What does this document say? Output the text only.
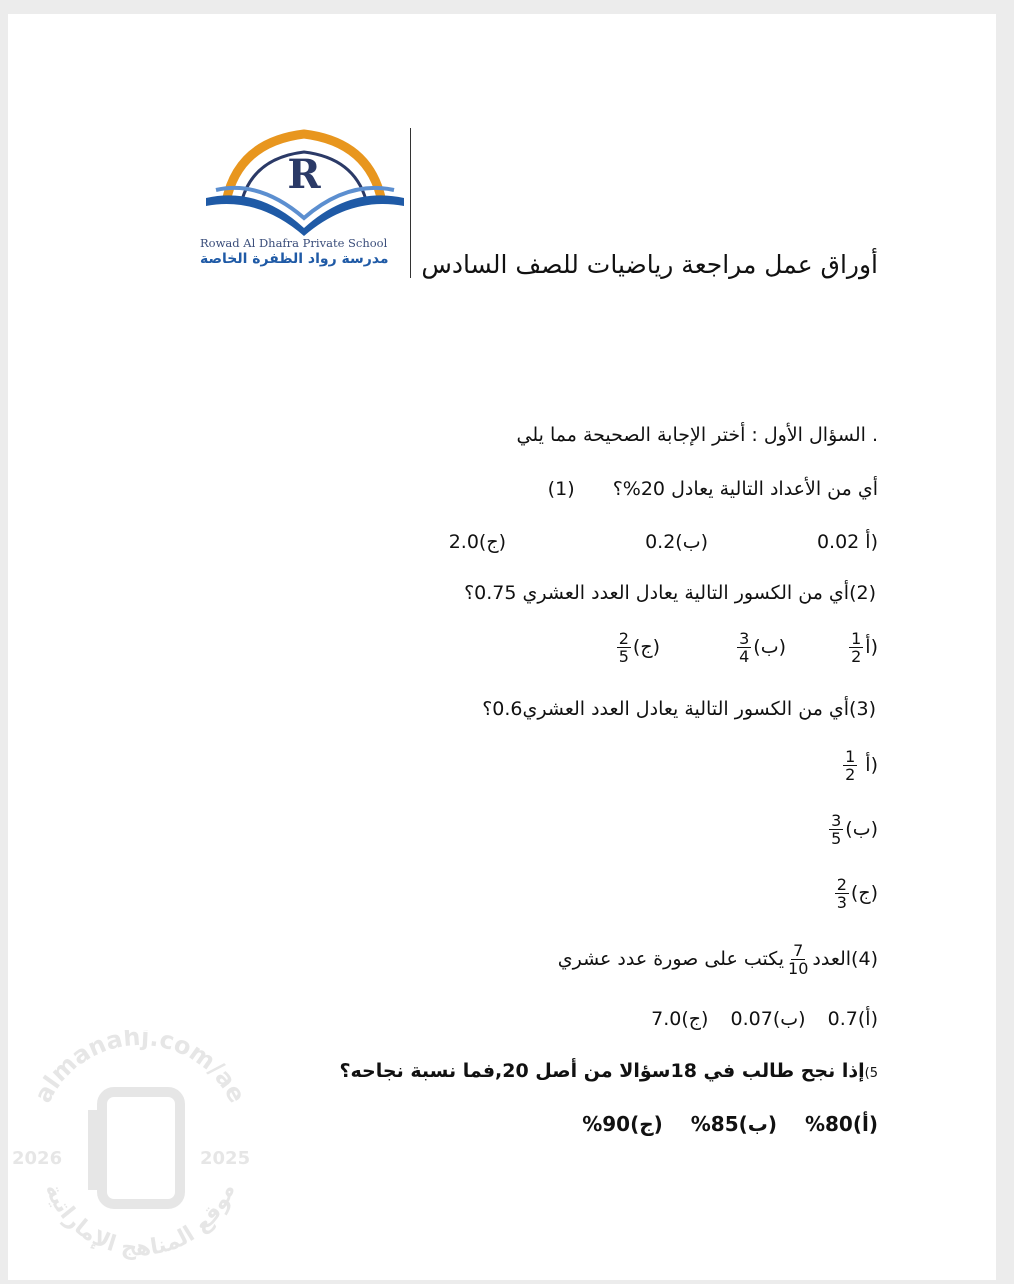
R
Rowad Al Dhafra Private School
مدرسة رواد الظفرة الخاصة أوراق عمل مراجعة رياضيات للصف السادس
. السؤال الأول : أختر الإجابة الصحيحة مما يلي
أي من الأعداد التالية يعادل 20%؟  (1)
(أ 0.02
(ب)0.2
(ج)2.0
(2)أي من الكسور التالية يعادل العدد العشري 0.75؟
(أ
$\frac{1}{2}$
(ب)
$\frac{3}{4}$
(ج)
$\frac{2}{5}$
(3)أي من الكسور التالية يعادل العدد العشري0.6؟
(أ
$\frac{1}{2}$
(ب)
$\frac{3}{5}$
(ج)
$\frac{2}{3}$
(4)العدد
$\frac{7}{10}$
يكتب على صورة عدد عشري
(أ)0.7  (ب)0.07  (ج)7.0
5)إذا نجح طالب في 18سؤالا من أصل 20,فما نسبة نجاحه؟
(أ)80%  (ب)85%  (ج)90%
almanahj.com/ae
موقع المناهج الإماراتية
2026	2025
